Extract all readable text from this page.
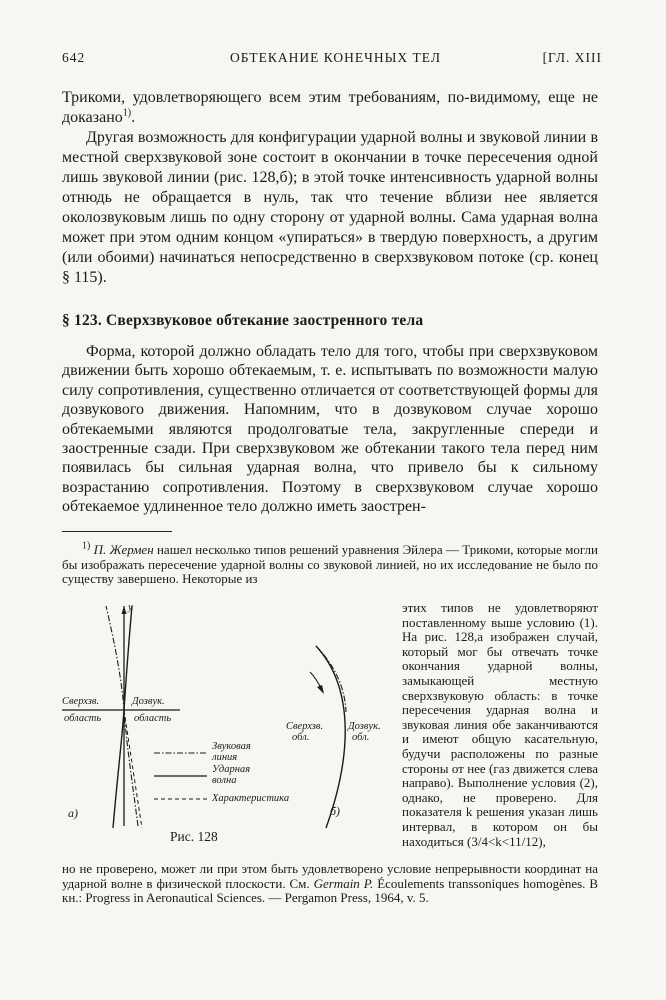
642	ОБТЕКАНИЕ КОНЕЧНЫХ ТЕЛ	[ГЛ. XIII

Трикоми, удовлетворяющего всем этим требованиям, по-видимому, еще не доказано$^{1)}$.

Другая возможность для конфигурации ударной волны и звуковой линии в местной сверхзвуковой зоне состоит в окончании в точке пересечения одной лишь звуковой линии (рис. 128,б); в этой точке интенсивность ударной волны отнюдь не обращается в нуль, так что течение вблизи нее является околозвуковым лишь по одну сторону от ударной волны. Сама ударная волна может при этом одним концом «упираться» в твердую поверхность, а другим (или обоими) начинаться непосредственно в сверхзвуковом потоке (ср. конец § 115).

§ 123. Сверхзвуковое обтекание заостренного тела

Форма, которой должно обладать тело для того, чтобы при сверхзвуковом движении быть хорошо обтекаемым, т. е. испытывать по возможности малую силу сопротивления, существенно отличается от соответствующей формы для дозвукового движения. Напомним, что в дозвуковом случае хорошо обтекаемыми являются продолговатые тела, закругленные спереди и заостренные сзади. При сверхзвуковом же обтекании такого тела перед ним появилась бы сильная ударная волна, что привело бы к сильному возрастанию сопротивления. Поэтому в сверхзвуковом случае хорошо обтекаемое удлиненное тело должно иметь заострен-

$^{1)}$ П. Жермен нашел несколько типов решений уравнения Эйлера — Трикоми, которые могли бы изображать пересечение ударной волны со звуковой линией, но их исследование не было по существу завершено. Некоторые из

этих типов не удовлетворяют поставленному выше условию (1). На рис. 128,а изображен случай, который мог бы отвечать точке окончания ударной волны, замыкающей местную сверхзвуковую область: в точке пересечения ударная волна и звуковая линия обе заканчиваются и имеют общую касательную, будучи расположены по разные стороны от нее (газ движется слева направо). Выполнение условия (2), однако, не проверено. Для показателя k решения указан лишь интервал, в котором он бы находиться (3/4<k<11/12),
но не проверено, может ли при этом быть удовлетворено условие непрерывности координат на ударной волне в физической плоскости. См. Germain P. Écoulements transsoniques homogènes. В кн.: Progress in Aeronautical Sciences. — Pergamon Press, 1964, v. 5.
y
Сверхзв.
область
Дозвук.
область
Звуковая
линия
Ударная
волна
Характеристика
а)
Сверхзв.
обл.
Дозвук.
обл.
б)
Рис. 128
